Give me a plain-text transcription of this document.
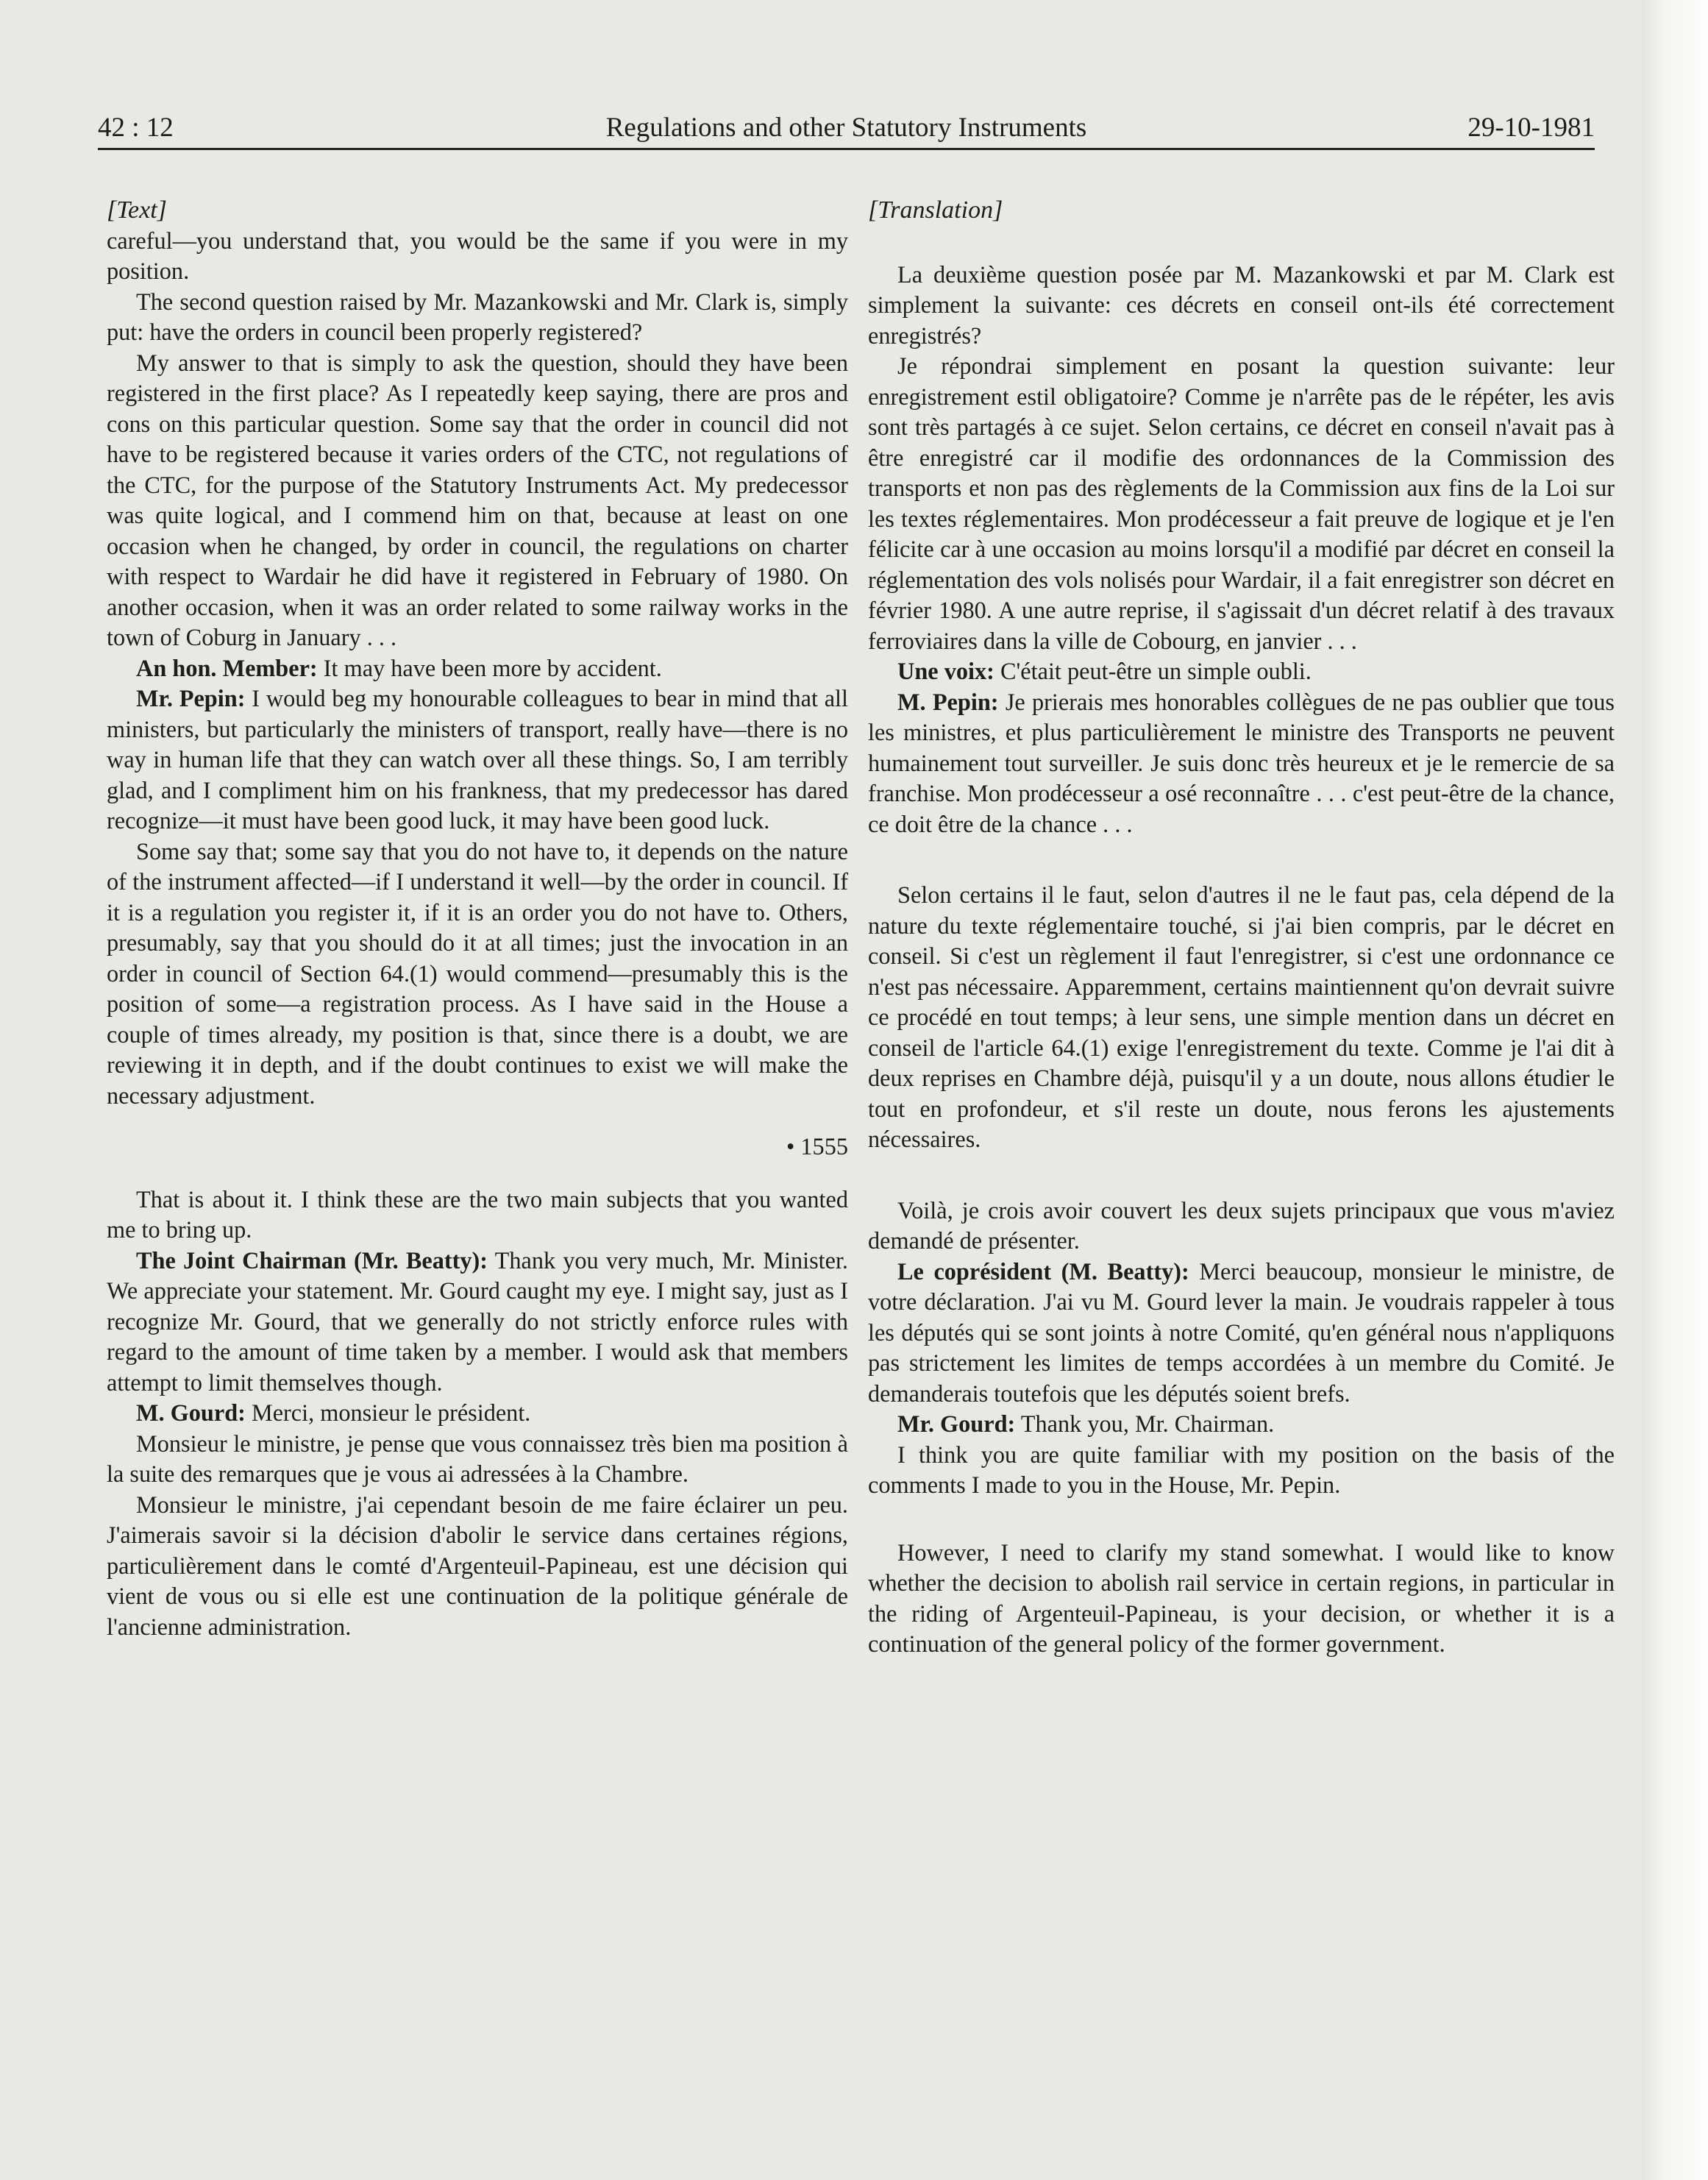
42 : 12	Regulations and other Statutory Instruments	29-10-1981
[Text]

careful—you understand that, you would be the same if you were in my position.

The second question raised by Mr. Mazankowski and Mr. Clark is, simply put: have the orders in council been properly registered?

My answer to that is simply to ask the question, should they have been registered in the first place? As I repeatedly keep saying, there are pros and cons on this particular question. Some say that the order in council did not have to be registered because it varies orders of the CTC, not regulations of the CTC, for the purpose of the Statutory Instruments Act. My predecessor was quite logical, and I commend him on that, because at least on one occasion when he changed, by order in council, the regulations on charter with respect to Wardair he did have it registered in February of 1980. On another occasion, when it was an order related to some railway works in the town of Coburg in January . . .

An hon. Member: It may have been more by accident.

Mr. Pepin: I would beg my honourable colleagues to bear in mind that all ministers, but particularly the ministers of transport, really have—there is no way in human life that they can watch over all these things. So, I am terribly glad, and I compliment him on his frankness, that my predecessor has dared recognize—it must have been good luck, it may have been good luck.

Some say that; some say that you do not have to, it depends on the nature of the instrument affected—if I understand it well—by the order in council. If it is a regulation you register it, if it is an order you do not have to. Others, presumably, say that you should do it at all times; just the invocation in an order in council of Section 64.(1) would commend—presumably this is the position of some—a registration process. As I have said in the House a couple of times already, my position is that, since there is a doubt, we are reviewing it in depth, and if the doubt continues to exist we will make the necessary adjustment.

• 1555

That is about it. I think these are the two main subjects that you wanted me to bring up.

The Joint Chairman (Mr. Beatty): Thank you very much, Mr. Minister. We appreciate your statement. Mr. Gourd caught my eye. I might say, just as I recognize Mr. Gourd, that we generally do not strictly enforce rules with regard to the amount of time taken by a member. I would ask that members attempt to limit themselves though.

M. Gourd: Merci, monsieur le président.

Monsieur le ministre, je pense que vous connaissez très bien ma position à la suite des remarques que je vous ai adressées à la Chambre.

Monsieur le ministre, j'ai cependant besoin de me faire éclairer un peu. J'aimerais savoir si la décision d'abolir le service dans certaines régions, particulièrement dans le comté d'Argenteuil-Papineau, est une décision qui vient de vous ou si elle est une continuation de la politique générale de l'ancienne administration.

[Translation]

La deuxième question posée par M. Mazankowski et par M. Clark est simplement la suivante: ces décrets en conseil ont-ils été correctement enregistrés?

Je répondrai simplement en posant la question suivante: leur enregistrement estil obligatoire? Comme je n'arrête pas de le répéter, les avis sont très partagés à ce sujet. Selon certains, ce décret en conseil n'avait pas à être enregistré car il modifie des ordonnances de la Commission des transports et non pas des règlements de la Commission aux fins de la Loi sur les textes réglementaires. Mon prodécesseur a fait preuve de logique et je l'en félicite car à une occasion au moins lorsqu'il a modifié par décret en conseil la réglementation des vols nolisés pour Wardair, il a fait enregistrer son décret en février 1980. A une autre reprise, il s'agissait d'un décret relatif à des travaux ferroviaires dans la ville de Cobourg, en janvier . . .

Une voix: C'était peut-être un simple oubli.

M. Pepin: Je prierais mes honorables collègues de ne pas oublier que tous les ministres, et plus particulièrement le ministre des Transports ne peuvent humainement tout surveiller. Je suis donc très heureux et je le remercie de sa franchise. Mon prodécesseur a osé reconnaître . . . c'est peut-être de la chance, ce doit être de la chance . . .

Selon certains il le faut, selon d'autres il ne le faut pas, cela dépend de la nature du texte réglementaire touché, si j'ai bien compris, par le décret en conseil. Si c'est un règlement il faut l'enregistrer, si c'est une ordonnance ce n'est pas nécessaire. Apparemment, certains maintiennent qu'on devrait suivre ce procédé en tout temps; à leur sens, une simple mention dans un décret en conseil de l'article 64.(1) exige l'enregistrement du texte. Comme je l'ai dit à deux reprises en Chambre déjà, puisqu'il y a un doute, nous allons étudier le tout en profondeur, et s'il reste un doute, nous ferons les ajustements nécessaires.

Voilà, je crois avoir couvert les deux sujets principaux que vous m'aviez demandé de présenter.

Le coprésident (M. Beatty): Merci beaucoup, monsieur le ministre, de votre déclaration. J'ai vu M. Gourd lever la main. Je voudrais rappeler à tous les députés qui se sont joints à notre Comité, qu'en général nous n'appliquons pas strictement les limites de temps accordées à un membre du Comité. Je demanderais toutefois que les députés soient brefs.

Mr. Gourd: Thank you, Mr. Chairman.

I think you are quite familiar with my position on the basis of the comments I made to you in the House, Mr. Pepin.

However, I need to clarify my stand somewhat. I would like to know whether the decision to abolish rail service in certain regions, in particular in the riding of Argenteuil-Papineau, is your decision, or whether it is a continuation of the general policy of the former government.
